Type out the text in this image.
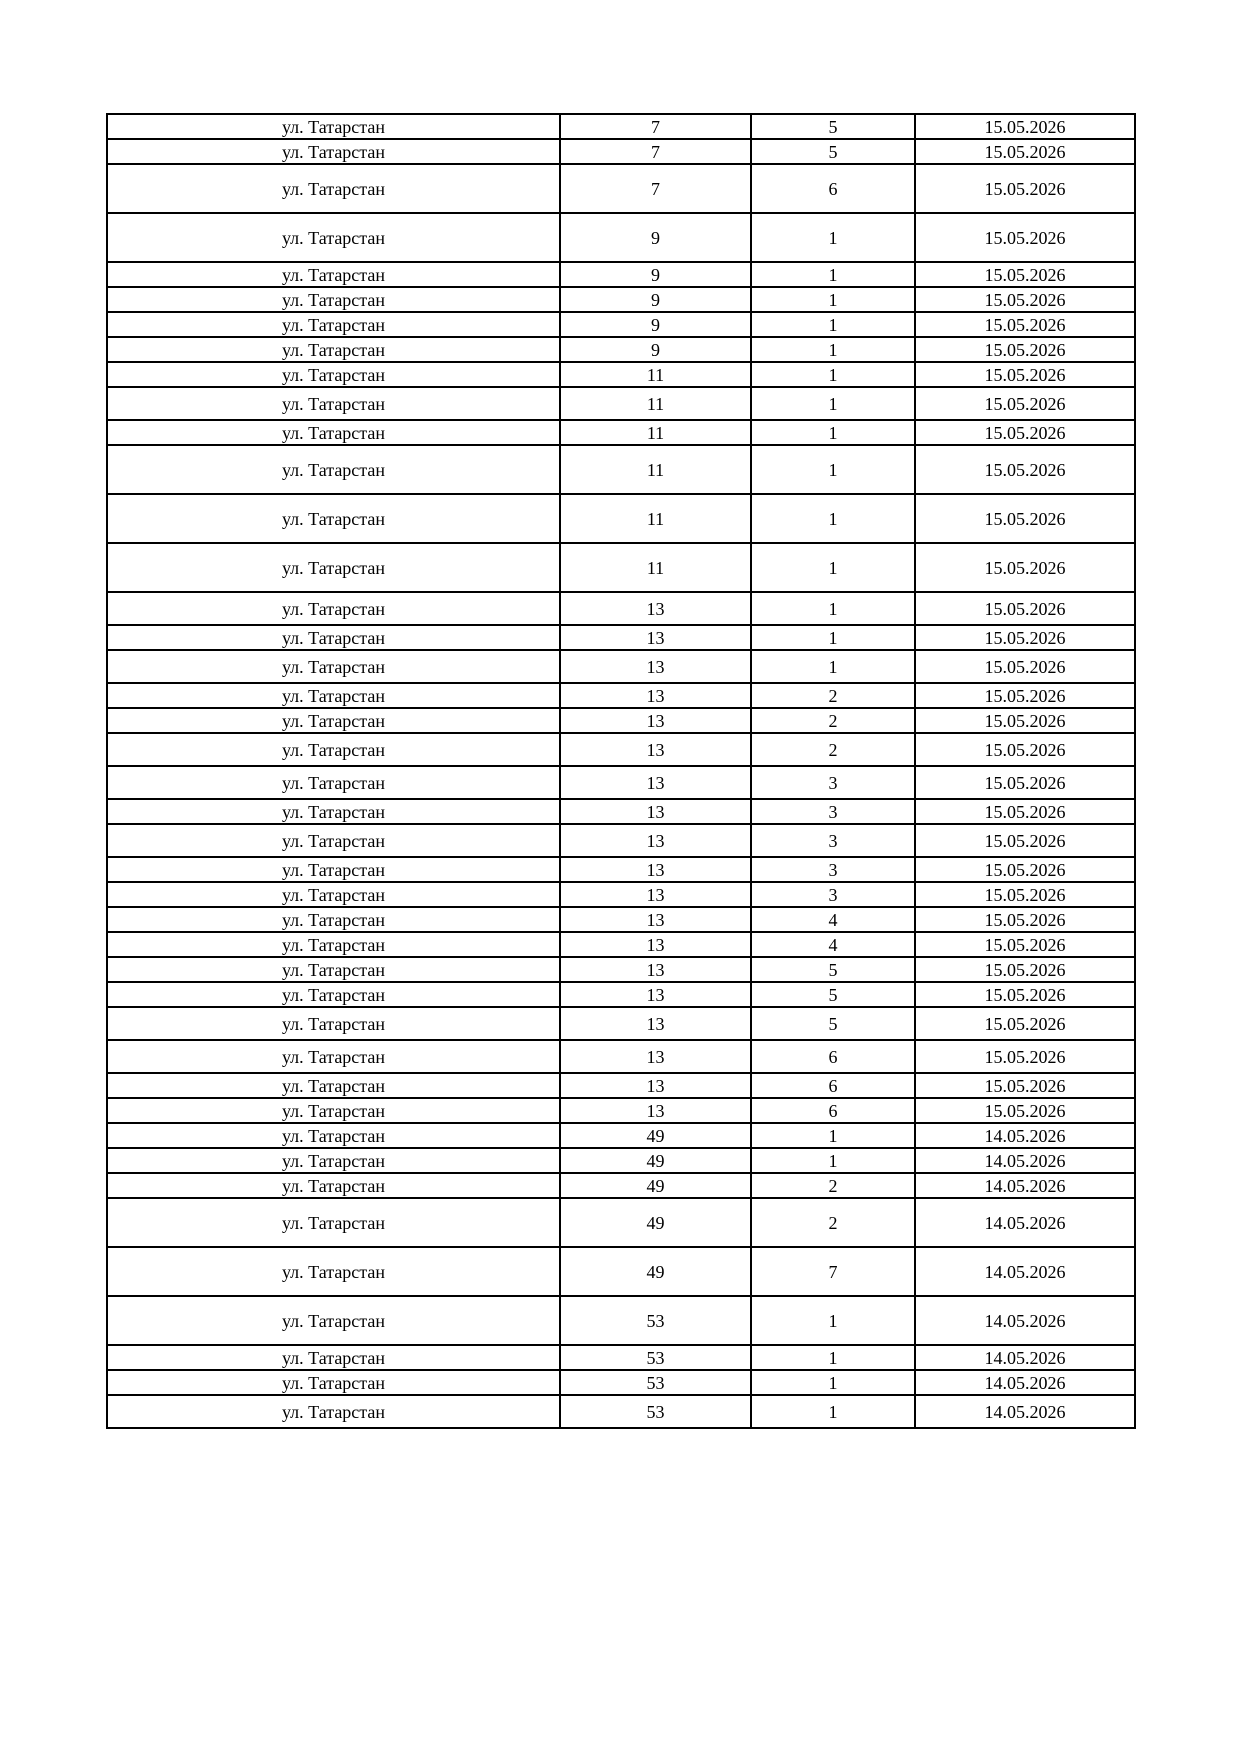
ул. Татарстан	7	5	15.05.2026
ул. Татарстан	7	5	15.05.2026
ул. Татарстан	7	6	15.05.2026
ул. Татарстан	9	1	15.05.2026
ул. Татарстан	9	1	15.05.2026
ул. Татарстан	9	1	15.05.2026
ул. Татарстан	9	1	15.05.2026
ул. Татарстан	9	1	15.05.2026
ул. Татарстан	11	1	15.05.2026
ул. Татарстан	11	1	15.05.2026
ул. Татарстан	11	1	15.05.2026
ул. Татарстан	11	1	15.05.2026
ул. Татарстан	11	1	15.05.2026
ул. Татарстан	11	1	15.05.2026
ул. Татарстан	13	1	15.05.2026
ул. Татарстан	13	1	15.05.2026
ул. Татарстан	13	1	15.05.2026
ул. Татарстан	13	2	15.05.2026
ул. Татарстан	13	2	15.05.2026
ул. Татарстан	13	2	15.05.2026
ул. Татарстан	13	3	15.05.2026
ул. Татарстан	13	3	15.05.2026
ул. Татарстан	13	3	15.05.2026
ул. Татарстан	13	3	15.05.2026
ул. Татарстан	13	3	15.05.2026
ул. Татарстан	13	4	15.05.2026
ул. Татарстан	13	4	15.05.2026
ул. Татарстан	13	5	15.05.2026
ул. Татарстан	13	5	15.05.2026
ул. Татарстан	13	5	15.05.2026
ул. Татарстан	13	6	15.05.2026
ул. Татарстан	13	6	15.05.2026
ул. Татарстан	13	6	15.05.2026
ул. Татарстан	49	1	14.05.2026
ул. Татарстан	49	1	14.05.2026
ул. Татарстан	49	2	14.05.2026
ул. Татарстан	49	2	14.05.2026
ул. Татарстан	49	7	14.05.2026
ул. Татарстан	53	1	14.05.2026
ул. Татарстан	53	1	14.05.2026
ул. Татарстан	53	1	14.05.2026
ул. Татарстан	53	1	14.05.2026
